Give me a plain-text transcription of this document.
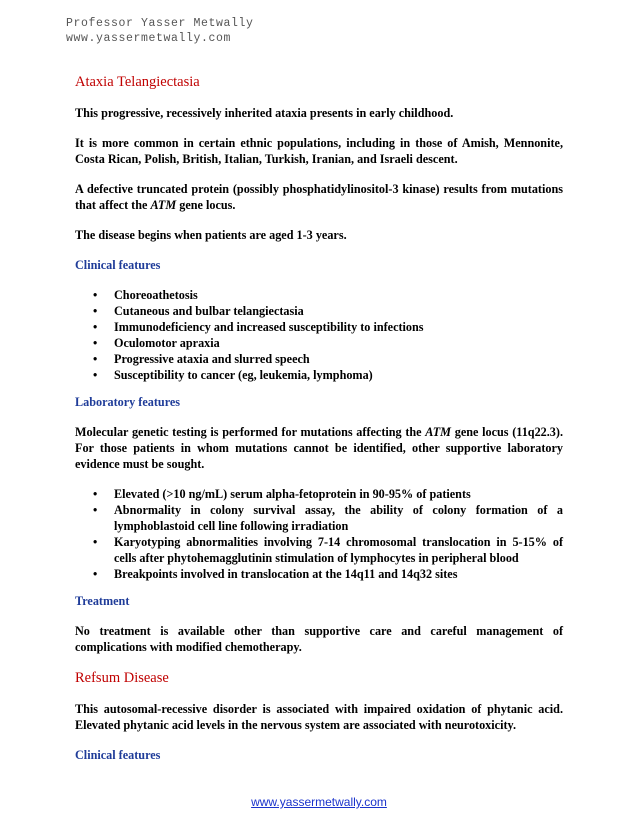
Professor Yasser Metwally
www.yassermetwally.com
Ataxia Telangiectasia

This progressive, recessively inherited ataxia presents in early childhood.

It is more common in certain ethnic populations, including in those of Amish, Mennonite, Costa Rican, Polish, British, Italian, Turkish, Iranian, and Israeli descent.

A defective truncated protein (possibly phosphatidylinositol-3 kinase) results from mutations that affect the ATM gene locus.

The disease begins when patients are aged 1-3 years.

Clinical features
• Choreoathetosis
• Cutaneous and bulbar telangiectasia
• Immunodeficiency and increased susceptibility to infections
• Oculomotor apraxia
• Progressive ataxia and slurred speech
• Susceptibility to cancer (eg, leukemia, lymphoma)
Laboratory features

Molecular genetic testing is performed for mutations affecting the ATM gene locus (11q22.3). For those patients in whom mutations cannot be identified, other supportive laboratory evidence must be sought.

• Elevated (>10 ng/mL) serum alpha-fetoprotein in 90-95% of patients
• Abnormality in colony survival assay, the ability of colony formation of a lymphoblastoid cell line following irradiation
• Karyotyping abnormalities involving 7-14 chromosomal translocation in 5-15% of cells after phytohemagglutinin stimulation of lymphocytes in peripheral blood
• Breakpoints involved in translocation at the 14q11 and 14q32 sites
Treatment

No treatment is available other than supportive care and careful management of complications with modified chemotherapy.

Refsum Disease

This autosomal-recessive disorder is associated with impaired oxidation of phytanic acid. Elevated phytanic acid levels in the nervous system are associated with neurotoxicity.

Clinical features
www.yassermetwally.com
